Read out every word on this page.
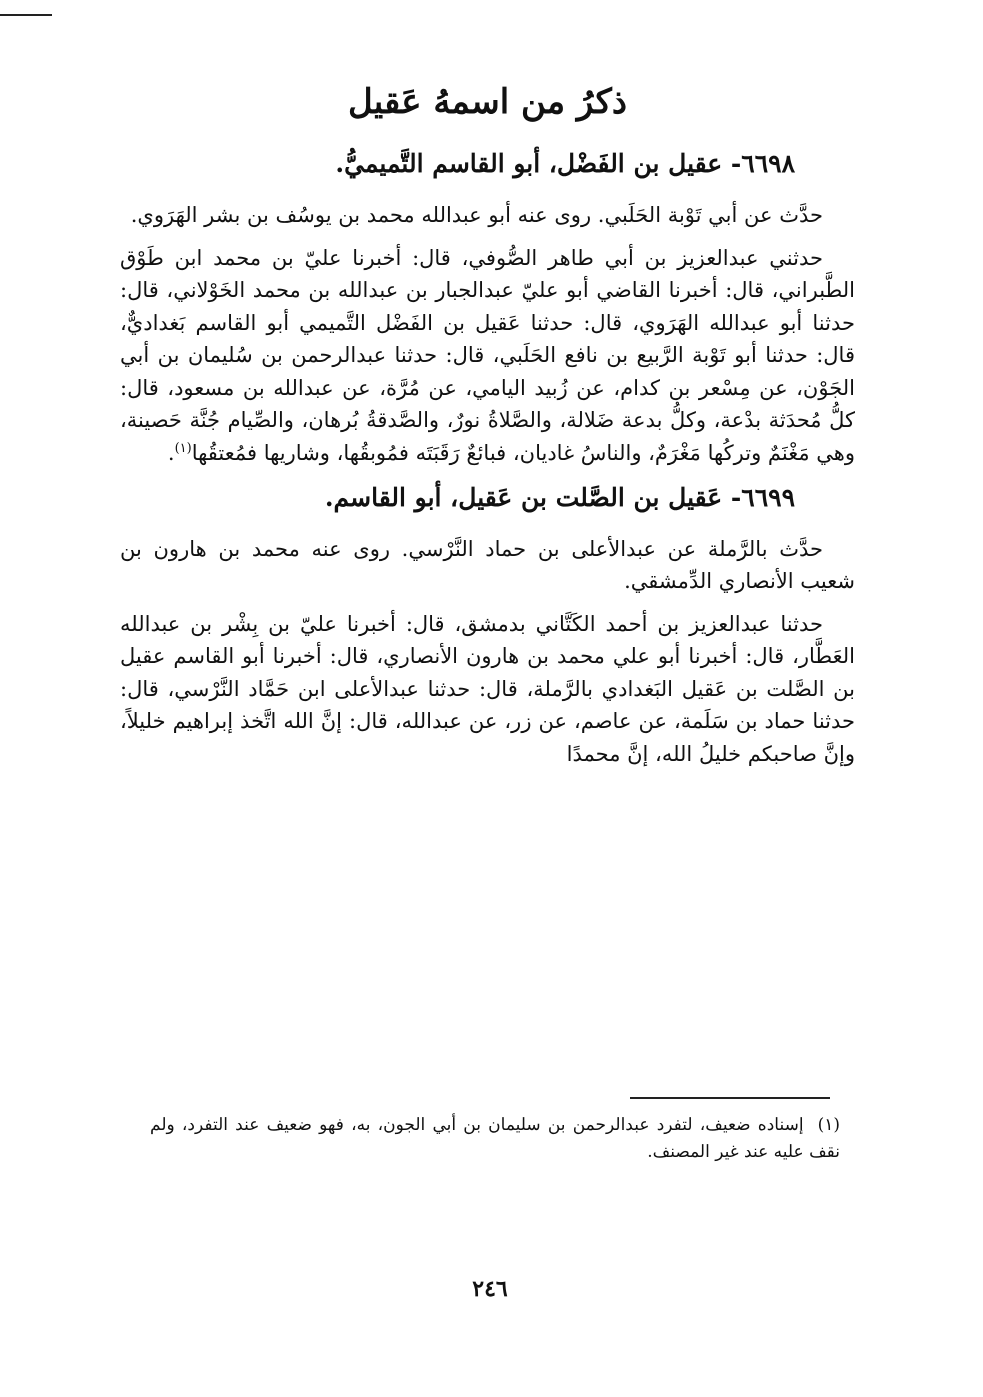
ذكرُ من اسمهُ عَقيل
٦٦٩٨- عقيل بن الفَضْل، أبو القاسم التَّميميُّ.

حدَّث عن أبي تَوْبة الحَلَبي. روى عنه أبو عبدالله محمد بن يوسُف بن بشر الهَرَوي.

حدثني عبدالعزيز بن أبي طاهر الصُّوفي، قال: أخبرنا عليّ بن محمد ابن طَوْق الطَّبراني، قال: أخبرنا القاضي أبو عليّ عبدالجبار بن عبدالله بن محمد الخَوْلاني، قال: حدثنا أبو عبدالله الهَرَوي، قال: حدثنا عَقيل بن الفَضْل التَّميمي أبو القاسم بَغداديٌّ، قال: حدثنا أبو تَوْبة الرَّبيع بن نافع الحَلَبي، قال: حدثنا عبدالرحمن بن سُليمان بن أبي الجَوْن، عن مِسْعر بن كدام، عن زُبيد اليامي، عن مُرَّة، عن عبدالله بن مسعود، قال: كلُّ مُحدَثة بدْعة، وكلُّ بدعة ضَلالة، والصَّلاةُ نورٌ، والصَّدقةُ بُرهان، والصِّيام جُنَّة حَصينة، وهي مَغْنَمٌ وتركُها مَغْرَمٌ، والناسُ غاديان، فبائعٌ رَقَبَتَه فمُوبقُها، وشاريها فمُعتقُها$^{(١)}$.

٦٦٩٩- عَقيل بن الصَّلت بن عَقيل، أبو القاسم.

حدَّث بالرَّملة عن عبدالأعلى بن حماد النَّرْسي. روى عنه محمد بن هارون بن شعيب الأنصاري الدِّمشقي.

حدثنا عبدالعزيز بن أحمد الكَتَّاني بدمشق، قال: أخبرنا عليّ بن بِشْر بن عبدالله العَطَّار، قال: أخبرنا أبو علي محمد بن هارون الأنصاري، قال: أخبرنا أبو القاسم عقيل بن الصَّلت بن عَقيل البَغدادي بالرَّملة، قال: حدثنا عبدالأعلى ابن حَمَّاد النَّرْسي، قال: حدثنا حماد بن سَلَمة، عن عاصم، عن زر، عن عبدالله، قال: إنَّ الله اتَّخذ إبراهيم خليلاً، وإنَّ صاحبكم خليلُ الله، إنَّ محمدًا

(١)إسناده ضعيف، لتفرد عبدالرحمن بن سليمان بن أبي الجون، به، فهو ضعيف عند التفرد، ولم نقف عليه عند غير المصنف.
٢٤٦
